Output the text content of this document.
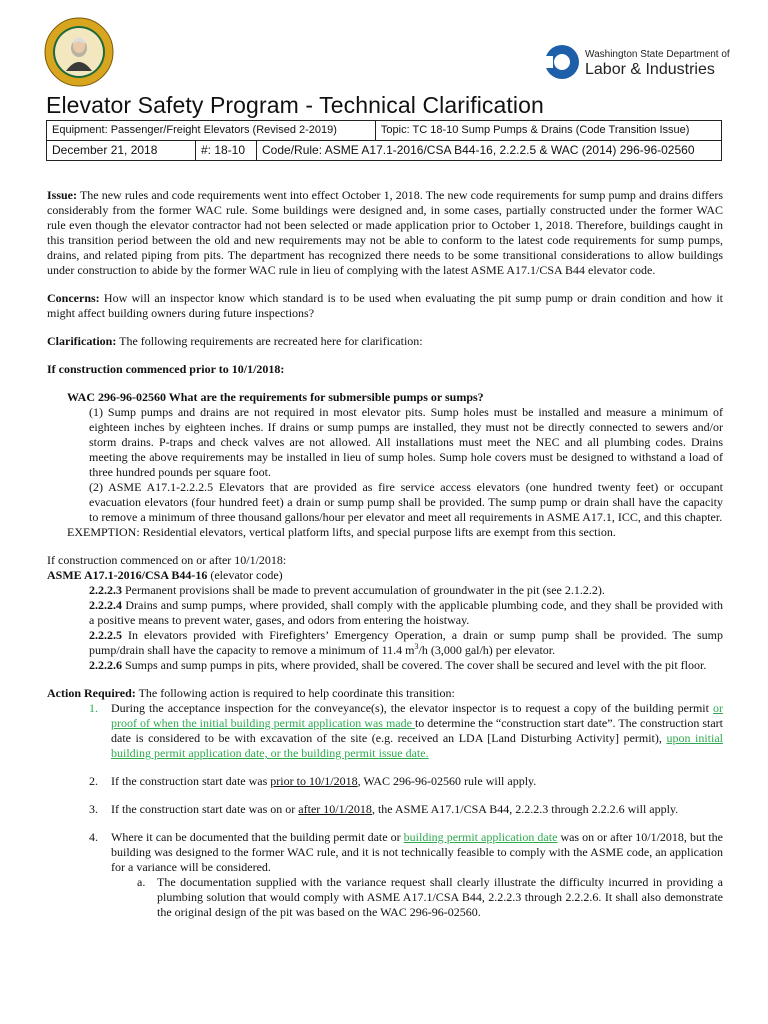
Washington State Department of
Labor & Industries
Elevator Safety Program - Technical Clarification
Equipment: Passenger/Freight Elevators (Revised 2-2019)			Topic: TC 18-10 Sump Pumps & Drains (Code Transition Issue)
December 21, 2018	#: 18-10	Code/Rule: ASME A17.1-2016/CSA B44-16, 2.2.2.5 & WAC (2014) 296-96-02560	

Issue: The new rules and code requirements went into effect October 1, 2018. The new code requirements for sump pump and drains differs considerably from the former WAC rule. Some buildings were designed and, in some cases, partially constructed under the former WAC rule even though the elevator contractor had not been selected or made application prior to October 1, 2018. Therefore, buildings caught in this transition period between the old and new requirements may not be able to conform to the latest code requirements for sump pumps, drains, and related piping from pits. The department has recognized there needs to be some transitional considerations to allow buildings under construction to abide by the former WAC rule in lieu of complying with the latest ASME A17.1/CSA B44 elevator code.

Concerns: How will an inspector know which standard is to be used when evaluating the pit sump pump or drain condition and how it might affect building owners during future inspections?

Clarification: The following requirements are recreated here for clarification:

If construction commenced prior to 10/1/2018:

WAC 296-96-02560 What are the requirements for submersible pumps or sumps?

(1) Sump pumps and drains are not required in most elevator pits. Sump holes must be installed and measure a minimum of eighteen inches by eighteen inches. If drains or sump pumps are installed, they must not be directly connected to sewers and/or storm drains. P-traps and check valves are not allowed. All installations must meet the NEC and all plumbing codes. Drains meeting the above requirements may be installed in lieu of sump holes. Sump hole covers must be designed to withstand a load of three hundred pounds per square foot.

(2) ASME A17.1-2.2.2.5 Elevators that are provided as fire service access elevators (one hundred twenty feet) or occupant evacuation elevators (four hundred feet) a drain or sump pump shall be provided. The sump pump or drain shall have the capacity to remove a minimum of three thousand gallons/hour per elevator and meet all requirements in ASME A17.1, ICC, and this chapter.

EXEMPTION: Residential elevators, vertical platform lifts, and special purpose lifts are exempt from this section.

If construction commenced on or after 10/1/2018:

ASME A17.1-2016/CSA B44-16 (elevator code)

2.2.2.3 Permanent provisions shall be made to prevent accumulation of groundwater in the pit (see 2.1.2.2).

2.2.2.4 Drains and sump pumps, where provided, shall comply with the applicable plumbing code, and they shall be provided with a positive means to prevent water, gases, and odors from entering the hoistway.

2.2.2.5 In elevators provided with Firefighters’ Emergency Operation, a drain or sump pump shall be provided. The sump pump/drain shall have the capacity to remove a minimum of 11.4 $m^3/h$ (3,000 gal/h) per elevator.

2.2.2.6 Sumps and sump pumps in pits, where provided, shall be covered. The cover shall be secured and level with the pit floor.

Action Required: The following action is required to help coordinate this transition:

1. During the acceptance inspection for the conveyance(s), the elevator inspector is to request a copy of the building permit or proof of when the initial building permit application was made to determine the “construction start date”. The construction start date is considered to be with excavation of the site (e.g. received an LDA [Land Disturbing Activity] permit), upon initial building permit application date, or the building permit issue date.
2. If the construction start date was prior to 10/1/2018, WAC 296-96-02560 rule will apply.
3. If the construction start date was on or after 10/1/2018, the ASME A17.1/CSA B44, 2.2.2.3 through 2.2.2.6 will apply.
4. Where it can be documented that the building permit date or building permit application date was on or after 10/1/2018, but the building was designed to the former WAC rule, and it is not technically feasible to comply with the ASME code, an application for a variance will be considered.

a. The documentation supplied with the variance request shall clearly illustrate the difficulty incurred in providing a plumbing solution that would comply with ASME A17.1/CSA B44, 2.2.2.3 through 2.2.2.6. It shall also demonstrate the original design of the pit was based on the WAC 296-96-02560.
